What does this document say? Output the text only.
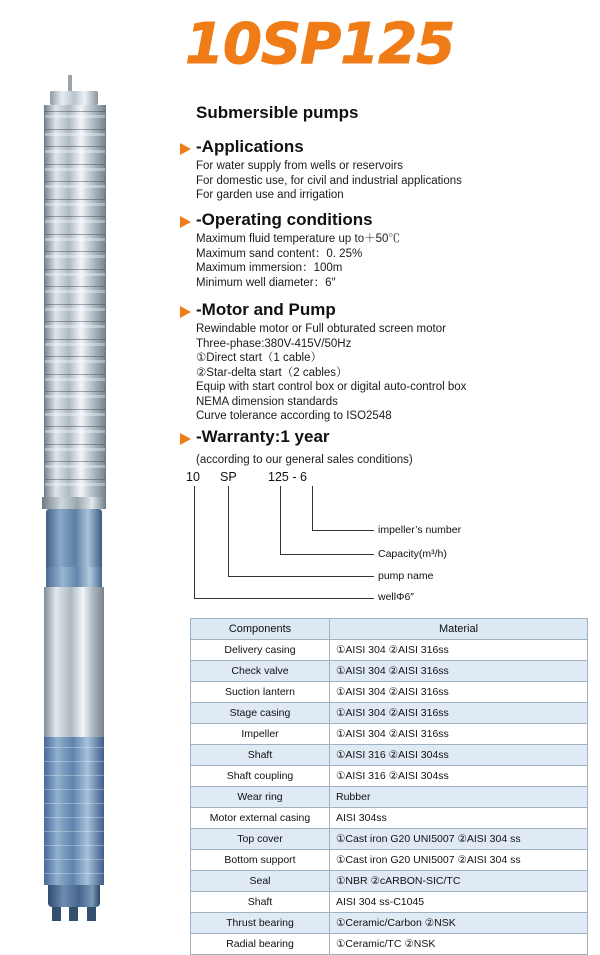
10SP125
Submersible pumps
-Applications
For water supply from wells or reservoirs
For domestic use, for civil and industrial applications
For garden use and irrigation
-Operating conditions
Maximum fluid temperature up to＋50℃
Maximum sand content：0. 25%
Maximum immersion：100m
Minimum well diameter：6″
-Motor and Pump
Rewindable motor or Full obturated screen motor
Three-phase:380V-415V/50Hz
①Direct start（1 cable）
②Star-delta start（2 cables）
Equip with start control box or digital auto-control box
NEMA dimension standards
Curve tolerance according to ISO2548
-Warranty:1 year
(according to our general sales conditions)
10 SP	125 - 6
impeller’s number
Capacity(m³/h)
pump name
wellΦ6″
Components	Material
Delivery casing	①AISI 304 ②AISI 316ss
Check valve	①AISI 304 ②AISI 316ss
Suction lantern	①AISI 304 ②AISI 316ss
Stage casing	①AISI 304 ②AISI 316ss
Impeller	①AISI 304 ②AISI 316ss
Shaft	①AISI 316 ②AISI 304ss
Shaft coupling	①AISI 316 ②AISI 304ss
Wear ring	Rubber
Motor external casing	AISI 304ss
Top cover	①Cast iron G20 UNI5007 ②AISI 304 ss
Bottom support	①Cast iron G20 UNI5007 ②AISI 304 ss
Seal	①NBR ②cARBON-SIC/TC
Shaft	AISI 304 ss-C1045
Thrust bearing	①Ceramic/Carbon ②NSK
Radial bearing	①Ceramic/TC ②NSK
